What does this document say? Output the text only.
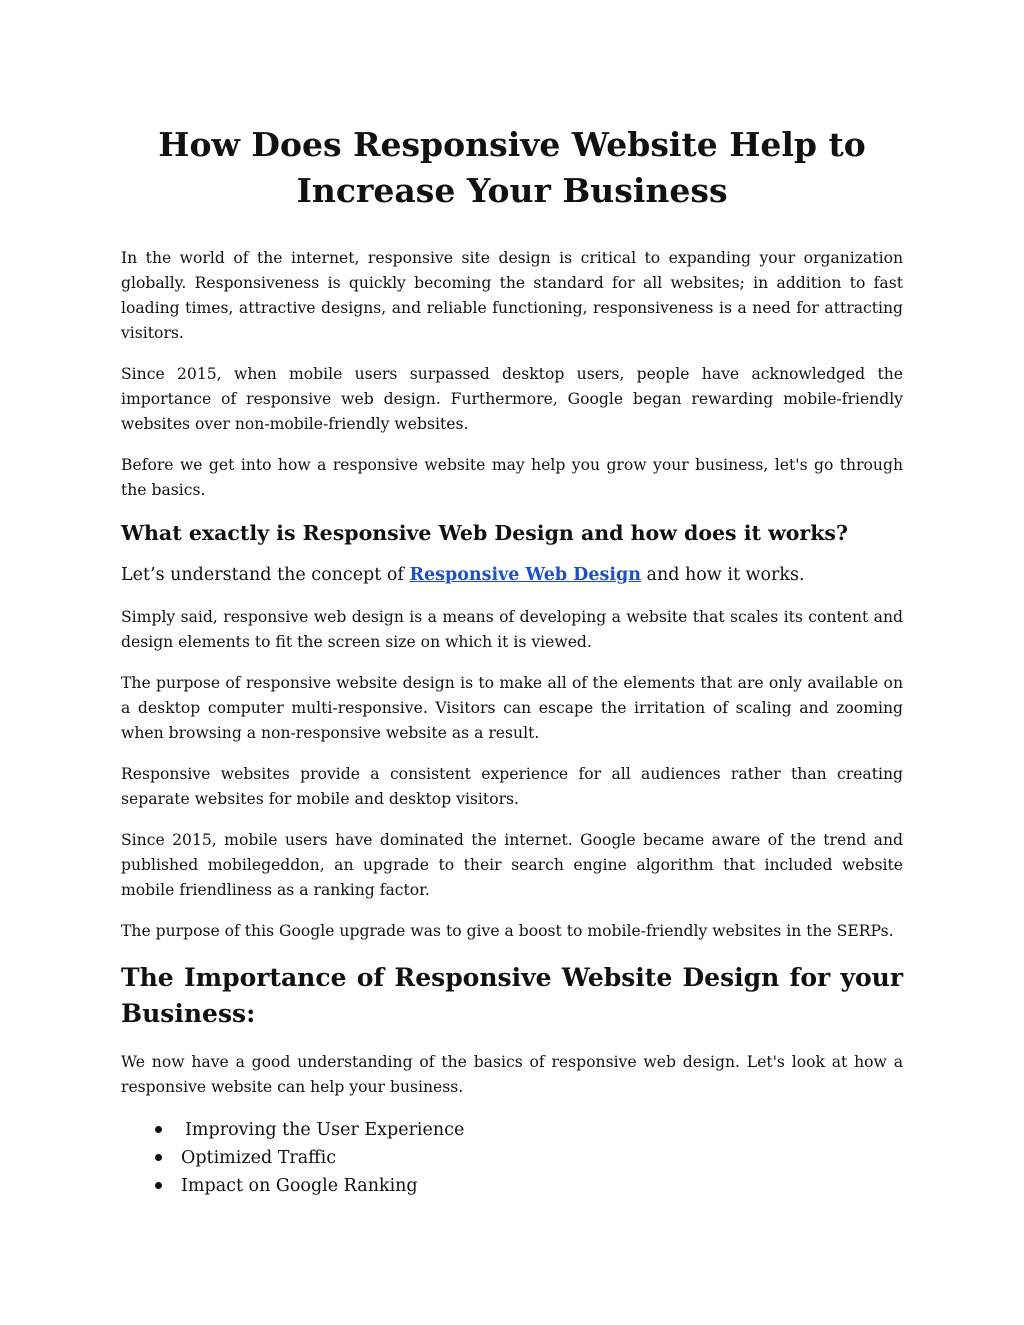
How Does Responsive Website Help to
Increase Your Business

In the world of the internet, responsive site design is critical to expanding your organization globally. Responsiveness is quickly becoming the standard for all websites; in addition to fast loading times, attractive designs, and reliable functioning, responsiveness is a need for attracting visitors.

Since 2015, when mobile users surpassed desktop users, people have acknowledged the importance of responsive web design. Furthermore, Google began rewarding mobile-friendly websites over non-mobile-friendly websites.

Before we get into how a responsive website may help you grow your business, let's go through the basics.

What exactly is Responsive Web Design and how does it works?

Let’s understand the concept of Responsive Web Design and how it works.

Simply said, responsive web design is a means of developing a website that scales its content and design elements to fit the screen size on which it is viewed.

The purpose of responsive website design is to make all of the elements that are only available on a desktop computer multi-responsive. Visitors can escape the irritation of scaling and zooming when browsing a non-responsive website as a result.

Responsive websites provide a consistent experience for all audiences rather than creating separate websites for mobile and desktop visitors.

Since 2015, mobile users have dominated the internet. Google became aware of the trend and published mobilegeddon, an upgrade to their search engine algorithm that included website mobile friendliness as a ranking factor.

The purpose of this Google upgrade was to give a boost to mobile-friendly websites in the SERPs.

The Importance of Responsive Website Design for your Business:

We now have a good understanding of the basics of responsive web design. Let's look at how a responsive website can help your business.

Improving the User Experience
Optimized Traffic
Impact on Google Ranking
